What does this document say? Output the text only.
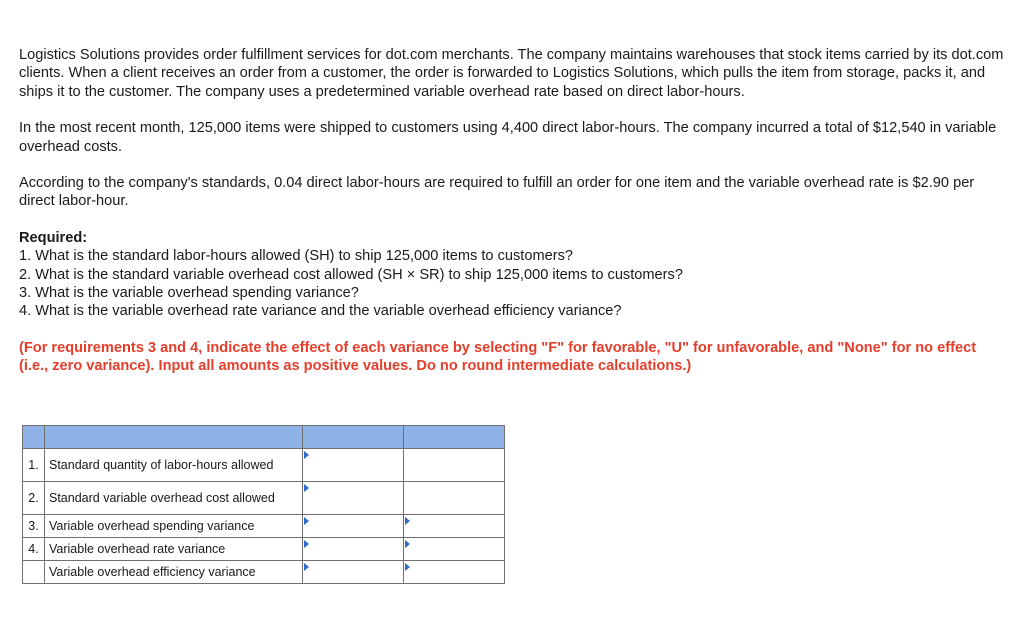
Logistics Solutions provides order fulfillment services for dot.com merchants. The company maintains warehouses that stock items carried by its dot.com clients. When a client receives an order from a customer, the order is forwarded to Logistics Solutions, which pulls the item from storage, packs it, and ships it to the customer. The company uses a predetermined variable overhead rate based on direct labor-hours.

In the most recent month, 125,000 items were shipped to customers using 4,400 direct labor-hours. The company incurred a total of $12,540 in variable overhead costs.

According to the company's standards, 0.04 direct labor-hours are required to fulfill an order for one item and the variable overhead rate is $2.90 per direct labor-hour.

Required:

1. What is the standard labor-hours allowed (SH) to ship 125,000 items to customers?
2. What is the standard variable overhead cost allowed (SH × SR) to ship 125,000 items to customers?
3. What is the variable overhead spending variance?
4. What is the variable overhead rate variance and the variable overhead efficiency variance?

(For requirements 3 and 4, indicate the effect of each variance by selecting "F" for favorable, "U" for unfavorable, and "None" for no effect (i.e., zero variance). Input all amounts as positive values. Do no round intermediate calculations.)

1.	Standard quantity of labor-hours allowed	

2.	Standard variable overhead cost allowed	

3.	Variable overhead spending variance	

4.	Variable overhead rate variance	

	Variable overhead efficiency variance	
